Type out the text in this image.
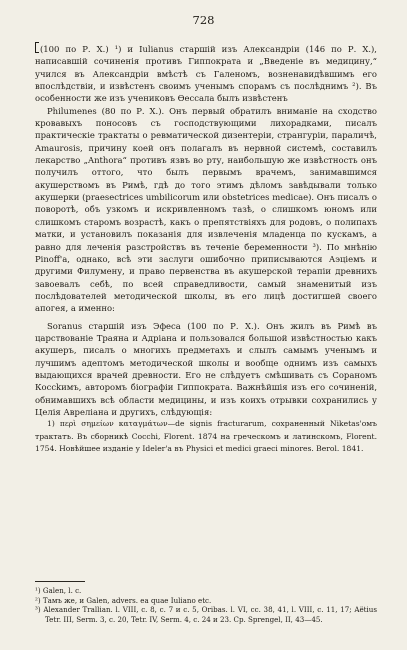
728

(100 по Р. Х.) ¹) и Iulianus старшій изъ Александріи (146 по Р. Х.), написавшій сочиненія противъ Гиппократа и „Введеніе въ медицину,“ учился въ Александріи вмѣстѣ съ Галеномъ, возненавидѣвшимъ его впослѣдствіи, и извѣстенъ своимъ ученымъ спорамъ съ послѣднимъ ²). Въ особенности же изъ учениковъ Өессала былъ извѣстенъ

Philumenes (80 по Р. Х.). Онъ первый обратилъ вниманіе на сходство кровавыхъ поносовъ съ господствующими лихорадками, писалъ практическіе трактаты о ревматической дизентеріи, странгуріи, параличѣ, Amaurosis, причину коей онъ полагалъ въ нервной системѣ, составилъ лекарство „Anthora“ противъ язвъ во рту, наибольшую же извѣстность онъ получилъ оттого, что былъ первымъ врачемъ, занимавшимся акушерствомъ въ Римѣ, гдѣ до того этимъ дѣломъ завѣдывали только акушерки (praesectrices umbilicorum или obstetrices medicae). Онъ писалъ о поворотѣ, объ узкомъ и искривленномъ тазѣ, о слишкомъ юномъ или слишкомъ старомъ возрастѣ, какъ о препятствіяхъ для родовъ, о полипахъ матки, и установилъ показанія для извлеченія младенца по кускамъ, а равно для леченія разстройствъ въ теченіе беременности ³). По мнѣнію Pinoff'а, однако, всѣ эти заслуги ошибочно приписываются Аэціемъ и другими Филумену, и право первенства въ акушерской терапіи древнихъ завоевалъ себѣ, по всей справедливости, самый знаменитый изъ послѣдователей методической школы, въ его лицѣ достигшей своего апогея, а именно:

Soranus старшій изъ Эфеса (100 по Р. Х.). Онъ жилъ въ Римѣ въ царствованіе Траяна и Адріана и пользовался большой извѣстностью какъ акушеръ, писалъ о многихъ предметахъ и слылъ самымъ ученымъ и лучшимъ адептомъ методической школы и вообще однимъ изъ самыхъ выдающихся врачей древности. Его не слѣдуетъ смѣшивать съ Сораномъ Коссkимъ, авторомъ біографіи Гиппократа. Важнѣйшія изъ его сочиненій, обнимавшихъ всѣ области медицины, и изъ коихъ отрывки сохранились у Целія Авреліана и другихъ, слѣдующія:

1) περὶ σημείων καταγμάτων—de signis fracturarum, сохраненный Niketas'омъ трактатъ. Въ сборникѣ Cocchi, Florent. 1874 на греческомъ и латинскомъ, Florent. 1754. Новѣйшее изданіе у Ideler'а въ Physici et medici graeci minores. Berol. 1841.

¹) Galen, l. c.

²) Тамъ же, и Galen, advers. ea quae Iuliano etc.

³) Alexander Trallian. l. VIII, c. 8, c. 7 и c. 5, Oribas. l. VI, cc. 38, 41, l. VIII, c. 11, 17; Aëtius Tetr. III, Serm. 3, c. 20, Tetr. IV, Serm. 4, c. 24 и 23. Cp. Sprengel, II, 43—45.
